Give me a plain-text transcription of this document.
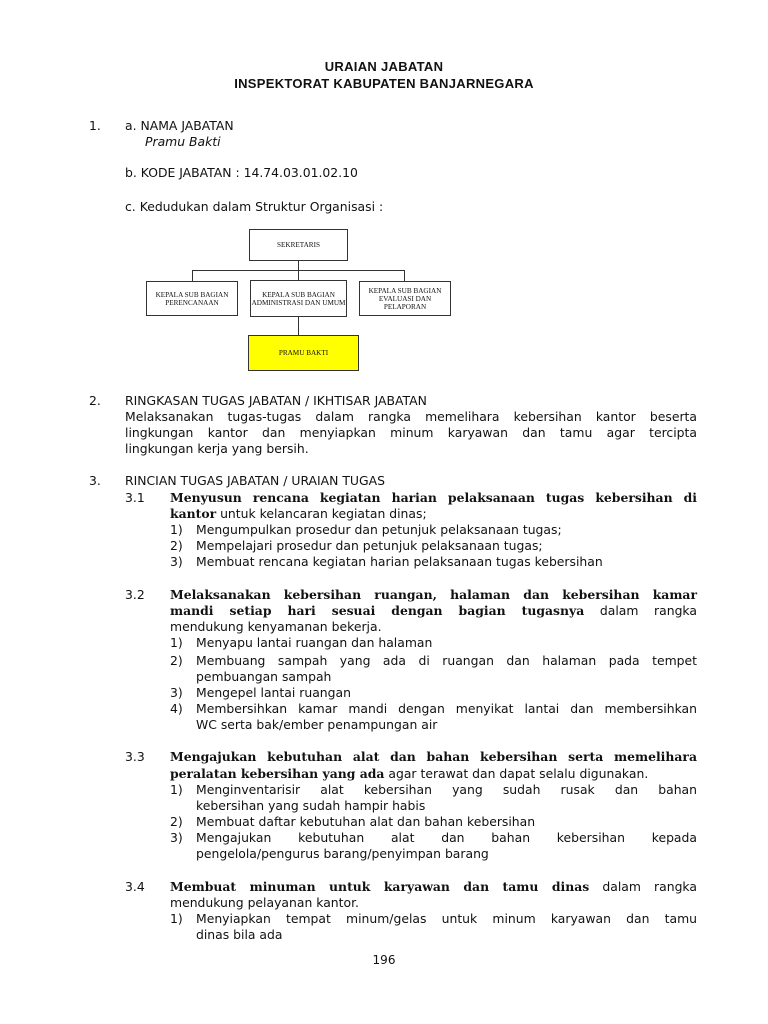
URAIAN JABATAN
INSPEKTORAT KABUPATEN BANJARNEGARA
1. a. NAMA JABATAN
Pramu Bakti
b. KODE JABATAN : 14.74.03.01.02.10
c. Kedudukan dalam Struktur Organisasi :
SEKRETARIS
KEPALA SUB BAGIAN PERENCANAAN
KEPALA SUB BAGIAN ADMINISTRASI DAN UMUM
KEPALA SUB BAGIAN EVALUASI DAN PELAPORAN
PRAMU BAKTI
2. RINGKASAN TUGAS JABATAN / IKHTISAR JABATAN
Melaksanakan tugas-tugas dalam rangka memelihara kebersihan kantor beserta
lingkungan kantor dan menyiapkan minum karyawan dan tamu agar tercipta
lingkungan kerja yang bersih.
3. RINCIAN TUGAS JABATAN / URAIAN TUGAS
3.1 Menyusun rencana kegiatan harian pelaksanaan tugas kebersihan di
kantor untuk kelancaran kegiatan dinas;
1) Mengumpulkan prosedur dan petunjuk pelaksanaan tugas;
2) Mempelajari prosedur dan petunjuk pelaksanaan tugas;
3) Membuat rencana kegiatan harian pelaksanaan tugas kebersihan
3.2 Melaksanakan kebersihan ruangan, halaman dan kebersihan kamar
mandi setiap hari sesuai dengan bagian tugasnya dalam rangka
mendukung kenyamanan bekerja.
1) Menyapu lantai ruangan dan halaman
2) Membuang sampah yang ada di ruangan dan halaman pada tempet
pembuangan sampah
3) Mengepel lantai ruangan
4) Membersihkan kamar mandi dengan menyikat lantai dan membersihkan
WC serta bak/ember penampungan air
3.3 Mengajukan kebutuhan alat dan bahan kebersihan serta memelihara
peralatan kebersihan yang ada agar terawat dan dapat selalu digunakan.
1) Menginventarisir alat kebersihan yang sudah rusak dan bahan
kebersihan yang sudah hampir habis
2) Membuat daftar kebutuhan alat dan bahan kebersihan
3) Mengajukan kebutuhan alat dan bahan kebersihan kepada
pengelola/pengurus barang/penyimpan barang
3.4 Membuat minuman untuk karyawan dan tamu dinas dalam rangka
mendukung pelayanan kantor.
1) Menyiapkan tempat minum/gelas untuk minum karyawan dan tamu
dinas bila ada
196
